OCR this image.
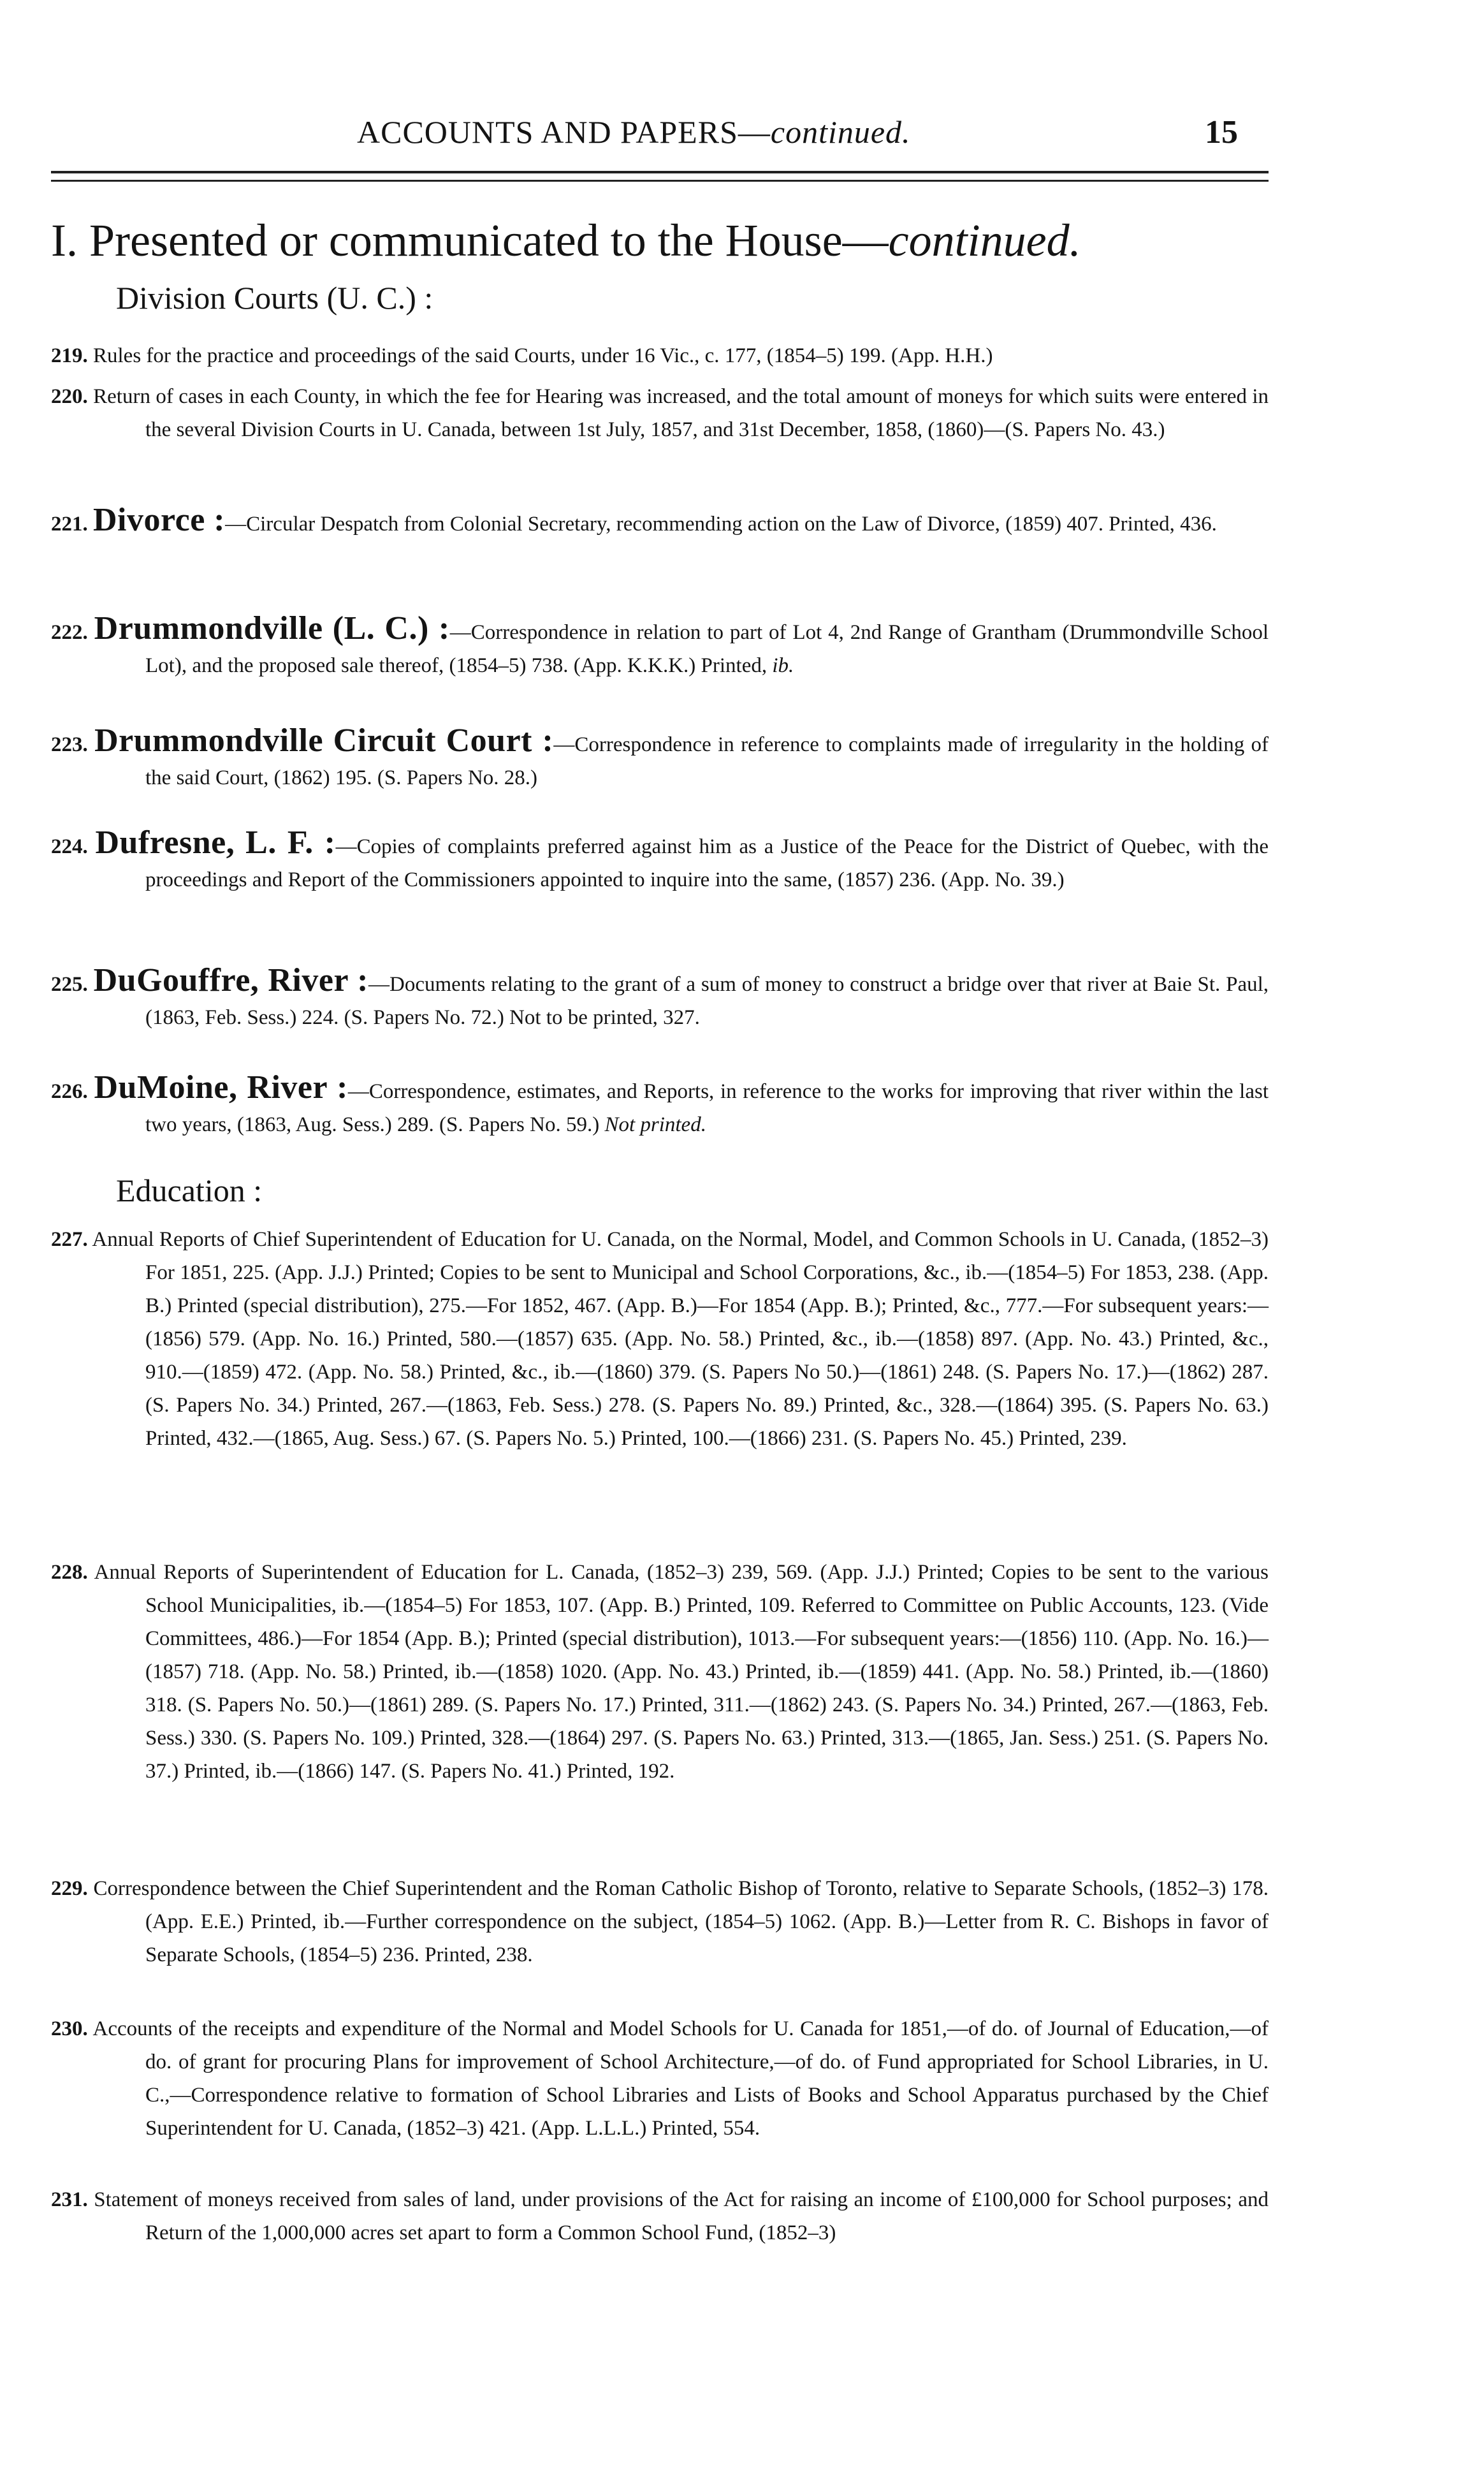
ACCOUNTS AND PAPERS—continued.	15
I. Presented or communicated to the House—continued.
Division Courts (U. C.) :
219. Rules for the practice and proceedings of the said Courts, under 16 Vic., c. 177, (1854–5) 199. (App. H.H.)
220. Return of cases in each County, in which the fee for Hearing was increased, and the total amount of moneys for which suits were entered in the several Division Courts in U. Canada, between 1st July, 1857, and 31st December, 1858, (1860)—(S. Papers No. 43.)
221. Divorce :—Circular Despatch from Colonial Secretary, recommending action on the Law of Divorce, (1859) 407. Printed, 436.
222. Drummondville (L. C.) :—Correspondence in relation to part of Lot 4, 2nd Range of Grantham (Drummondville School Lot), and the proposed sale thereof, (1854–5) 738. (App. K.K.K.) Printed, ib.
223. Drummondville Circuit Court :—Correspondence in reference to complaints made of irregularity in the holding of the said Court, (1862) 195. (S. Papers No. 28.)
224. Dufresne, L. F. :—Copies of complaints preferred against him as a Justice of the Peace for the District of Quebec, with the proceedings and Report of the Commissioners appointed to inquire into the same, (1857) 236. (App. No. 39.)
225. DuGouffre, River :—Documents relating to the grant of a sum of money to construct a bridge over that river at Baie St. Paul, (1863, Feb. Sess.) 224. (S. Papers No. 72.) Not to be printed, 327.
226. DuMoine, River :—Correspondence, estimates, and Reports, in reference to the works for improving that river within the last two years, (1863, Aug. Sess.) 289. (S. Papers No. 59.) Not printed.
Education :
227. Annual Reports of Chief Superintendent of Education for U. Canada, on the Normal, Model, and Common Schools in U. Canada, (1852–3) For 1851, 225. (App. J.J.) Printed; Copies to be sent to Municipal and School Corporations, &c., ib.—(1854–5) For 1853, 238. (App. B.) Printed (special distribution), 275.—For 1852, 467. (App. B.)—For 1854 (App. B.); Printed, &c., 777.—For subsequent years:—(1856) 579. (App. No. 16.) Printed, 580.—(1857) 635. (App. No. 58.) Printed, &c., ib.—(1858) 897. (App. No. 43.) Printed, &c., 910.—(1859) 472. (App. No. 58.) Printed, &c., ib.—(1860) 379. (S. Papers No 50.)—(1861) 248. (S. Papers No. 17.)—(1862) 287. (S. Papers No. 34.) Printed, 267.—(1863, Feb. Sess.) 278. (S. Papers No. 89.) Printed, &c., 328.—(1864) 395. (S. Papers No. 63.) Printed, 432.—(1865, Aug. Sess.) 67. (S. Papers No. 5.) Printed, 100.—(1866) 231. (S. Papers No. 45.) Printed, 239.
228. Annual Reports of Superintendent of Education for L. Canada, (1852–3) 239, 569. (App. J.J.) Printed; Copies to be sent to the various School Municipalities, ib.—(1854–5) For 1853, 107. (App. B.) Printed, 109. Referred to Committee on Public Accounts, 123. (Vide Committees, 486.)—For 1854 (App. B.); Printed (special distribution), 1013.—For subsequent years:—(1856) 110. (App. No. 16.)—(1857) 718. (App. No. 58.) Printed, ib.—(1858) 1020. (App. No. 43.) Printed, ib.—(1859) 441. (App. No. 58.) Printed, ib.—(1860) 318. (S. Papers No. 50.)—(1861) 289. (S. Papers No. 17.) Printed, 311.—(1862) 243. (S. Papers No. 34.) Printed, 267.—(1863, Feb. Sess.) 330. (S. Papers No. 109.) Printed, 328.—(1864) 297. (S. Papers No. 63.) Printed, 313.—(1865, Jan. Sess.) 251. (S. Papers No. 37.) Printed, ib.—(1866) 147. (S. Papers No. 41.) Printed, 192.
229. Correspondence between the Chief Superintendent and the Roman Catholic Bishop of Toronto, relative to Separate Schools, (1852–3) 178. (App. E.E.) Printed, ib.—Further correspondence on the subject, (1854–5) 1062. (App. B.)—Letter from R. C. Bishops in favor of Separate Schools, (1854–5) 236. Printed, 238.
230. Accounts of the receipts and expenditure of the Normal and Model Schools for U. Canada for 1851,—of do. of Journal of Education,—of do. of grant for procuring Plans for improvement of School Architecture,—of do. of Fund appropriated for School Libraries, in U. C.,—Correspondence relative to formation of School Libraries and Lists of Books and School Apparatus purchased by the Chief Superintendent for U. Canada, (1852–3) 421. (App. L.L.L.) Printed, 554.
231. Statement of moneys received from sales of land, under provisions of the Act for raising an income of £100,000 for School purposes; and Return of the 1,000,000 acres set apart to form a Common School Fund, (1852–3)
